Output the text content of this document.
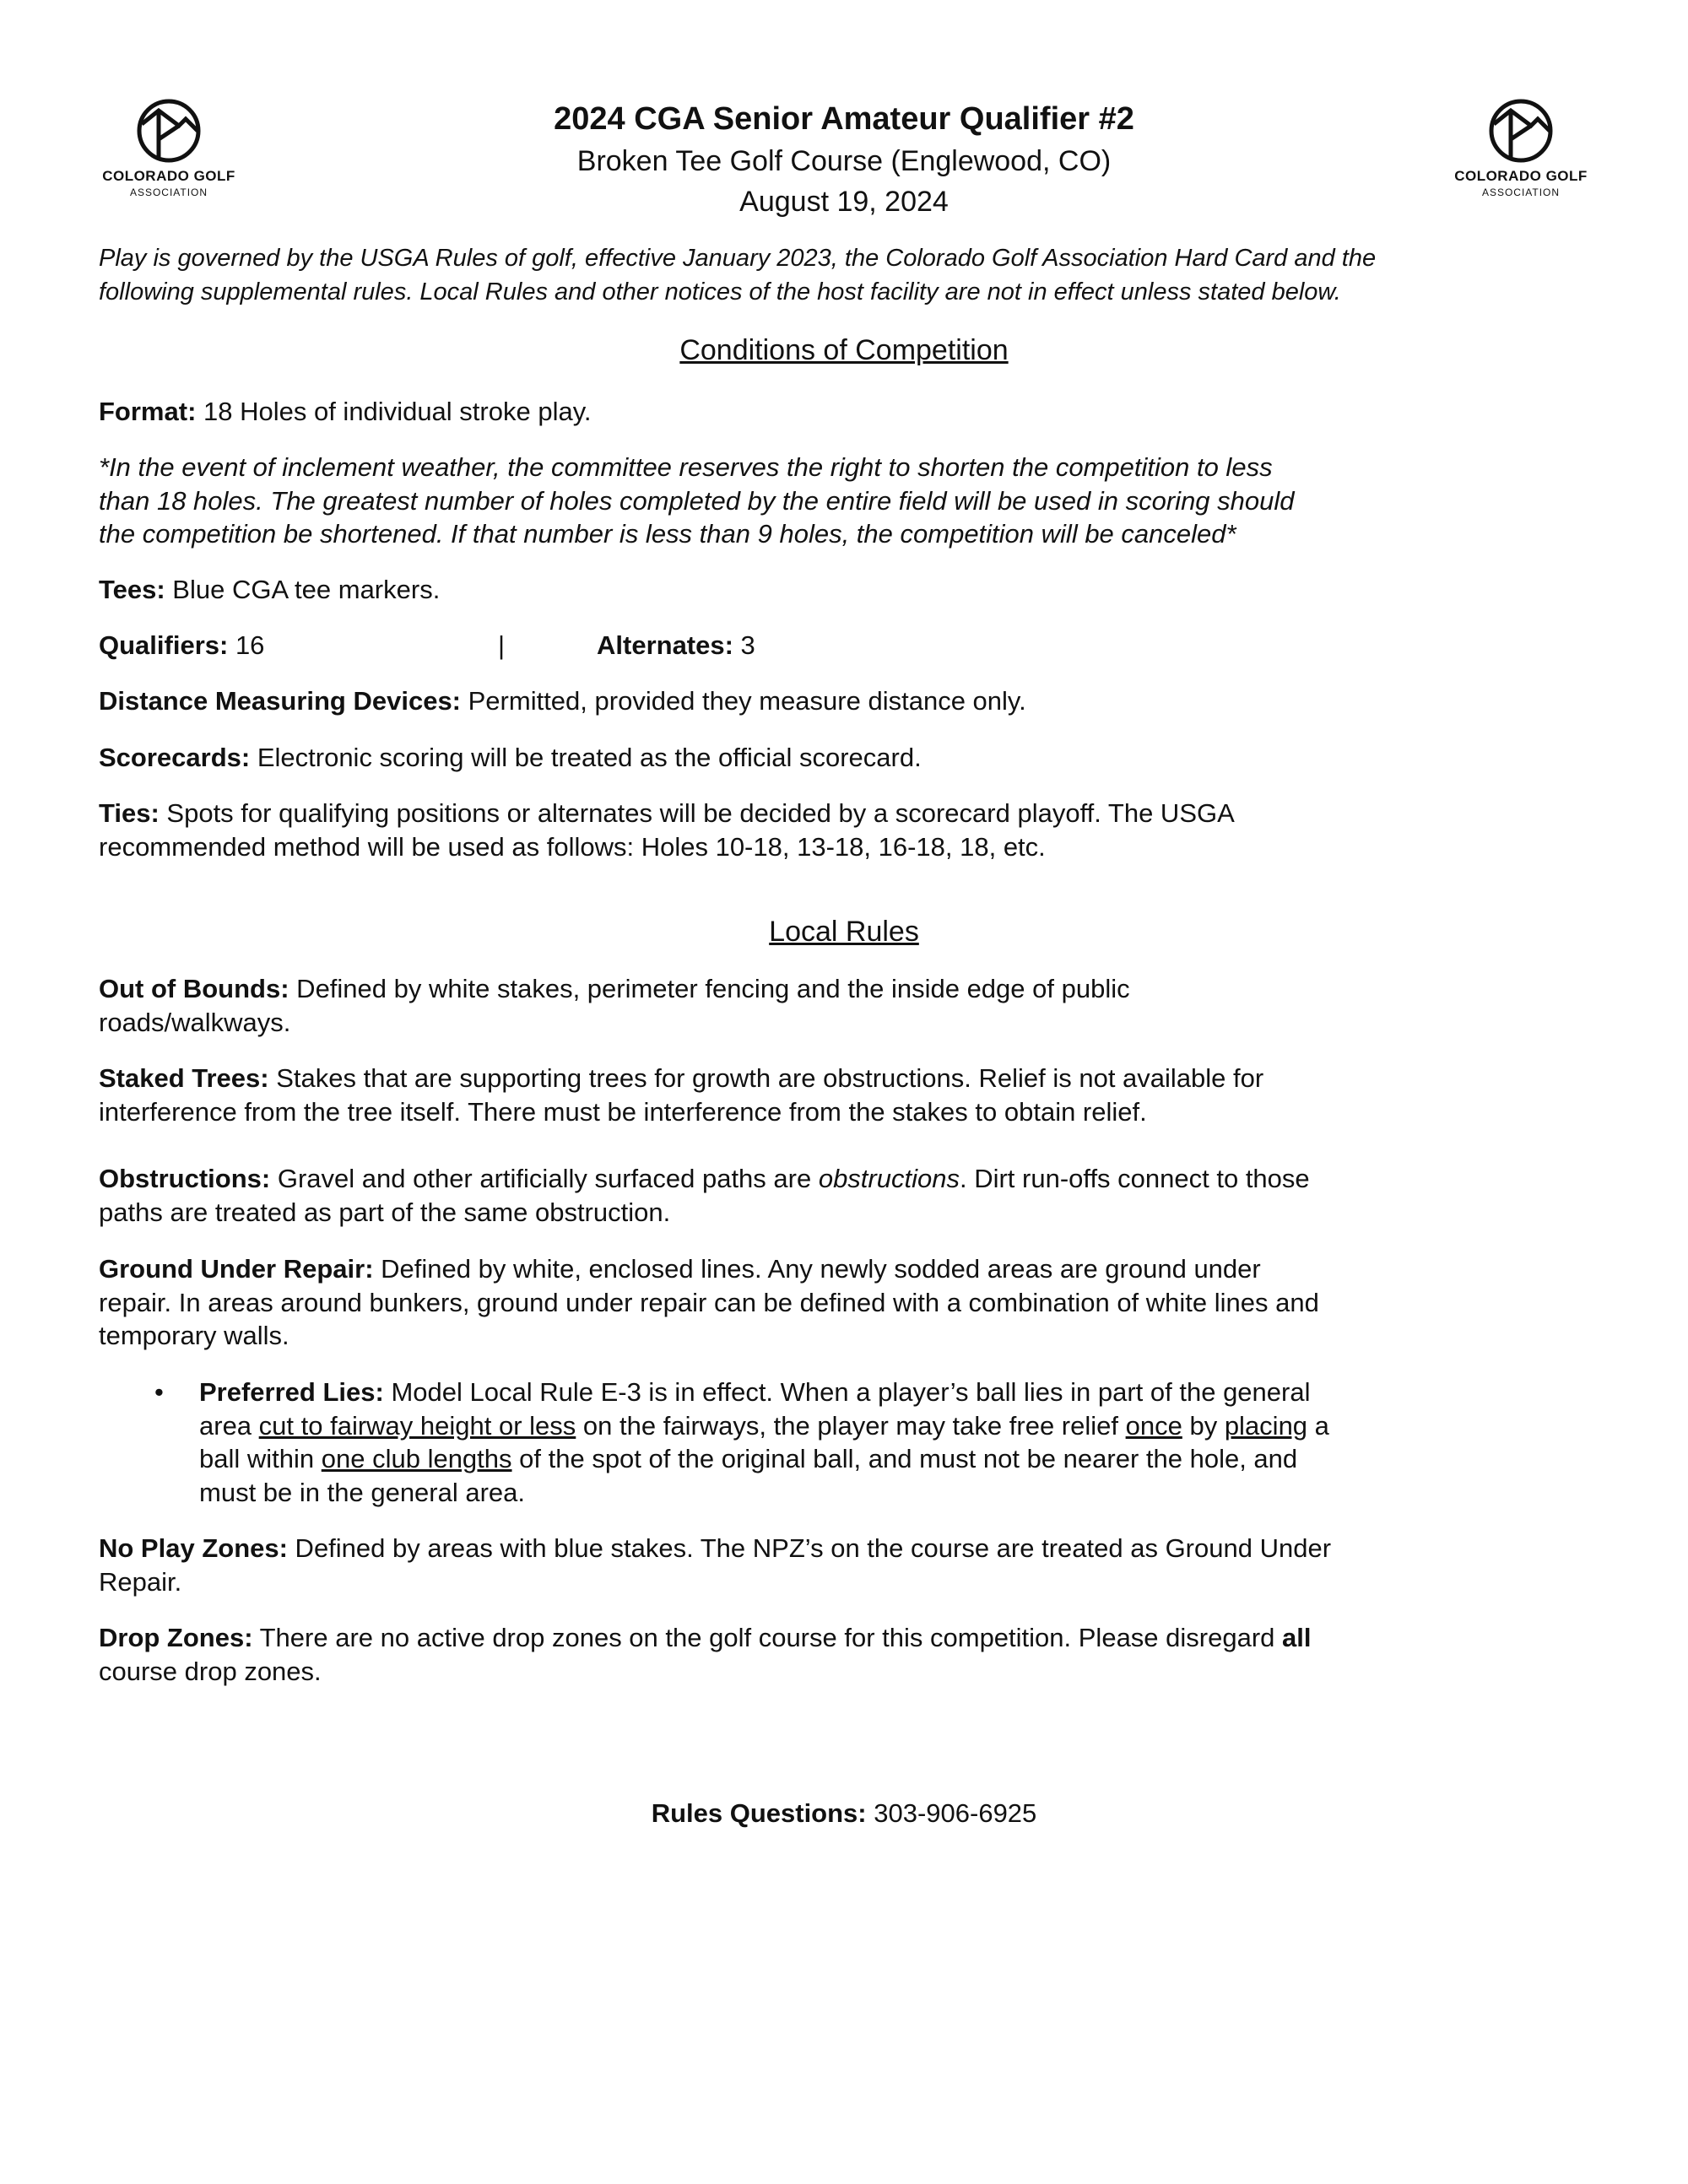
COLORADO GOLF
ASSOCIATION
COLORADO GOLF
ASSOCIATION
2024 CGA Senior Amateur Qualifier #2
Broken Tee Golf Course (Englewood, CO)
August 19, 2024
Play is governed by the USGA Rules of golf, effective January 2023, the Colorado Golf Association Hard Card and the
following supplemental rules. Local Rules and other notices of the host facility are not in effect unless stated below.
Conditions of Competition
Format: 18 Holes of individual stroke play.
*In the event of inclement weather, the committee reserves the right to shorten the competition to less
than 18 holes. The greatest number of holes completed by the entire field will be used in scoring should
the competition be shortened. If that number is less than 9 holes, the competition will be canceled*
Tees: Blue CGA tee markers.
Qualifiers: 16	|	Alternates: 3
Distance Measuring Devices: Permitted, provided they measure distance only.
Scorecards: Electronic scoring will be treated as the official scorecard.
Ties: Spots for qualifying positions or alternates will be decided by a scorecard playoff. The USGA
recommended method will be used as follows: Holes 10-18, 13-18, 16-18, 18, etc.
Local Rules
Out of Bounds: Defined by white stakes, perimeter fencing and the inside edge of public
roads/walkways.
Staked Trees: Stakes that are supporting trees for growth are obstructions. Relief is not available for
interference from the tree itself. There must be interference from the stakes to obtain relief.
Obstructions: Gravel and other artificially surfaced paths are obstructions. Dirt run-offs connect to those
paths are treated as part of the same obstruction.
Ground Under Repair: Defined by white, enclosed lines. Any newly sodded areas are ground under
repair. In areas around bunkers, ground under repair can be defined with a combination of white lines and
temporary walls.
• Preferred Lies: Model Local Rule E-3 is in effect. When a player’s ball lies in part of the general
area cut to fairway height or less on the fairways, the player may take free relief once by placing a
ball within one club lengths of the spot of the original ball, and must not be nearer the hole, and
must be in the general area.
No Play Zones: Defined by areas with blue stakes. The NPZ’s on the course are treated as Ground Under
Repair.
Drop Zones: There are no active drop zones on the golf course for this competition. Please disregard all
course drop zones.
Rules Questions: 303-906-6925
